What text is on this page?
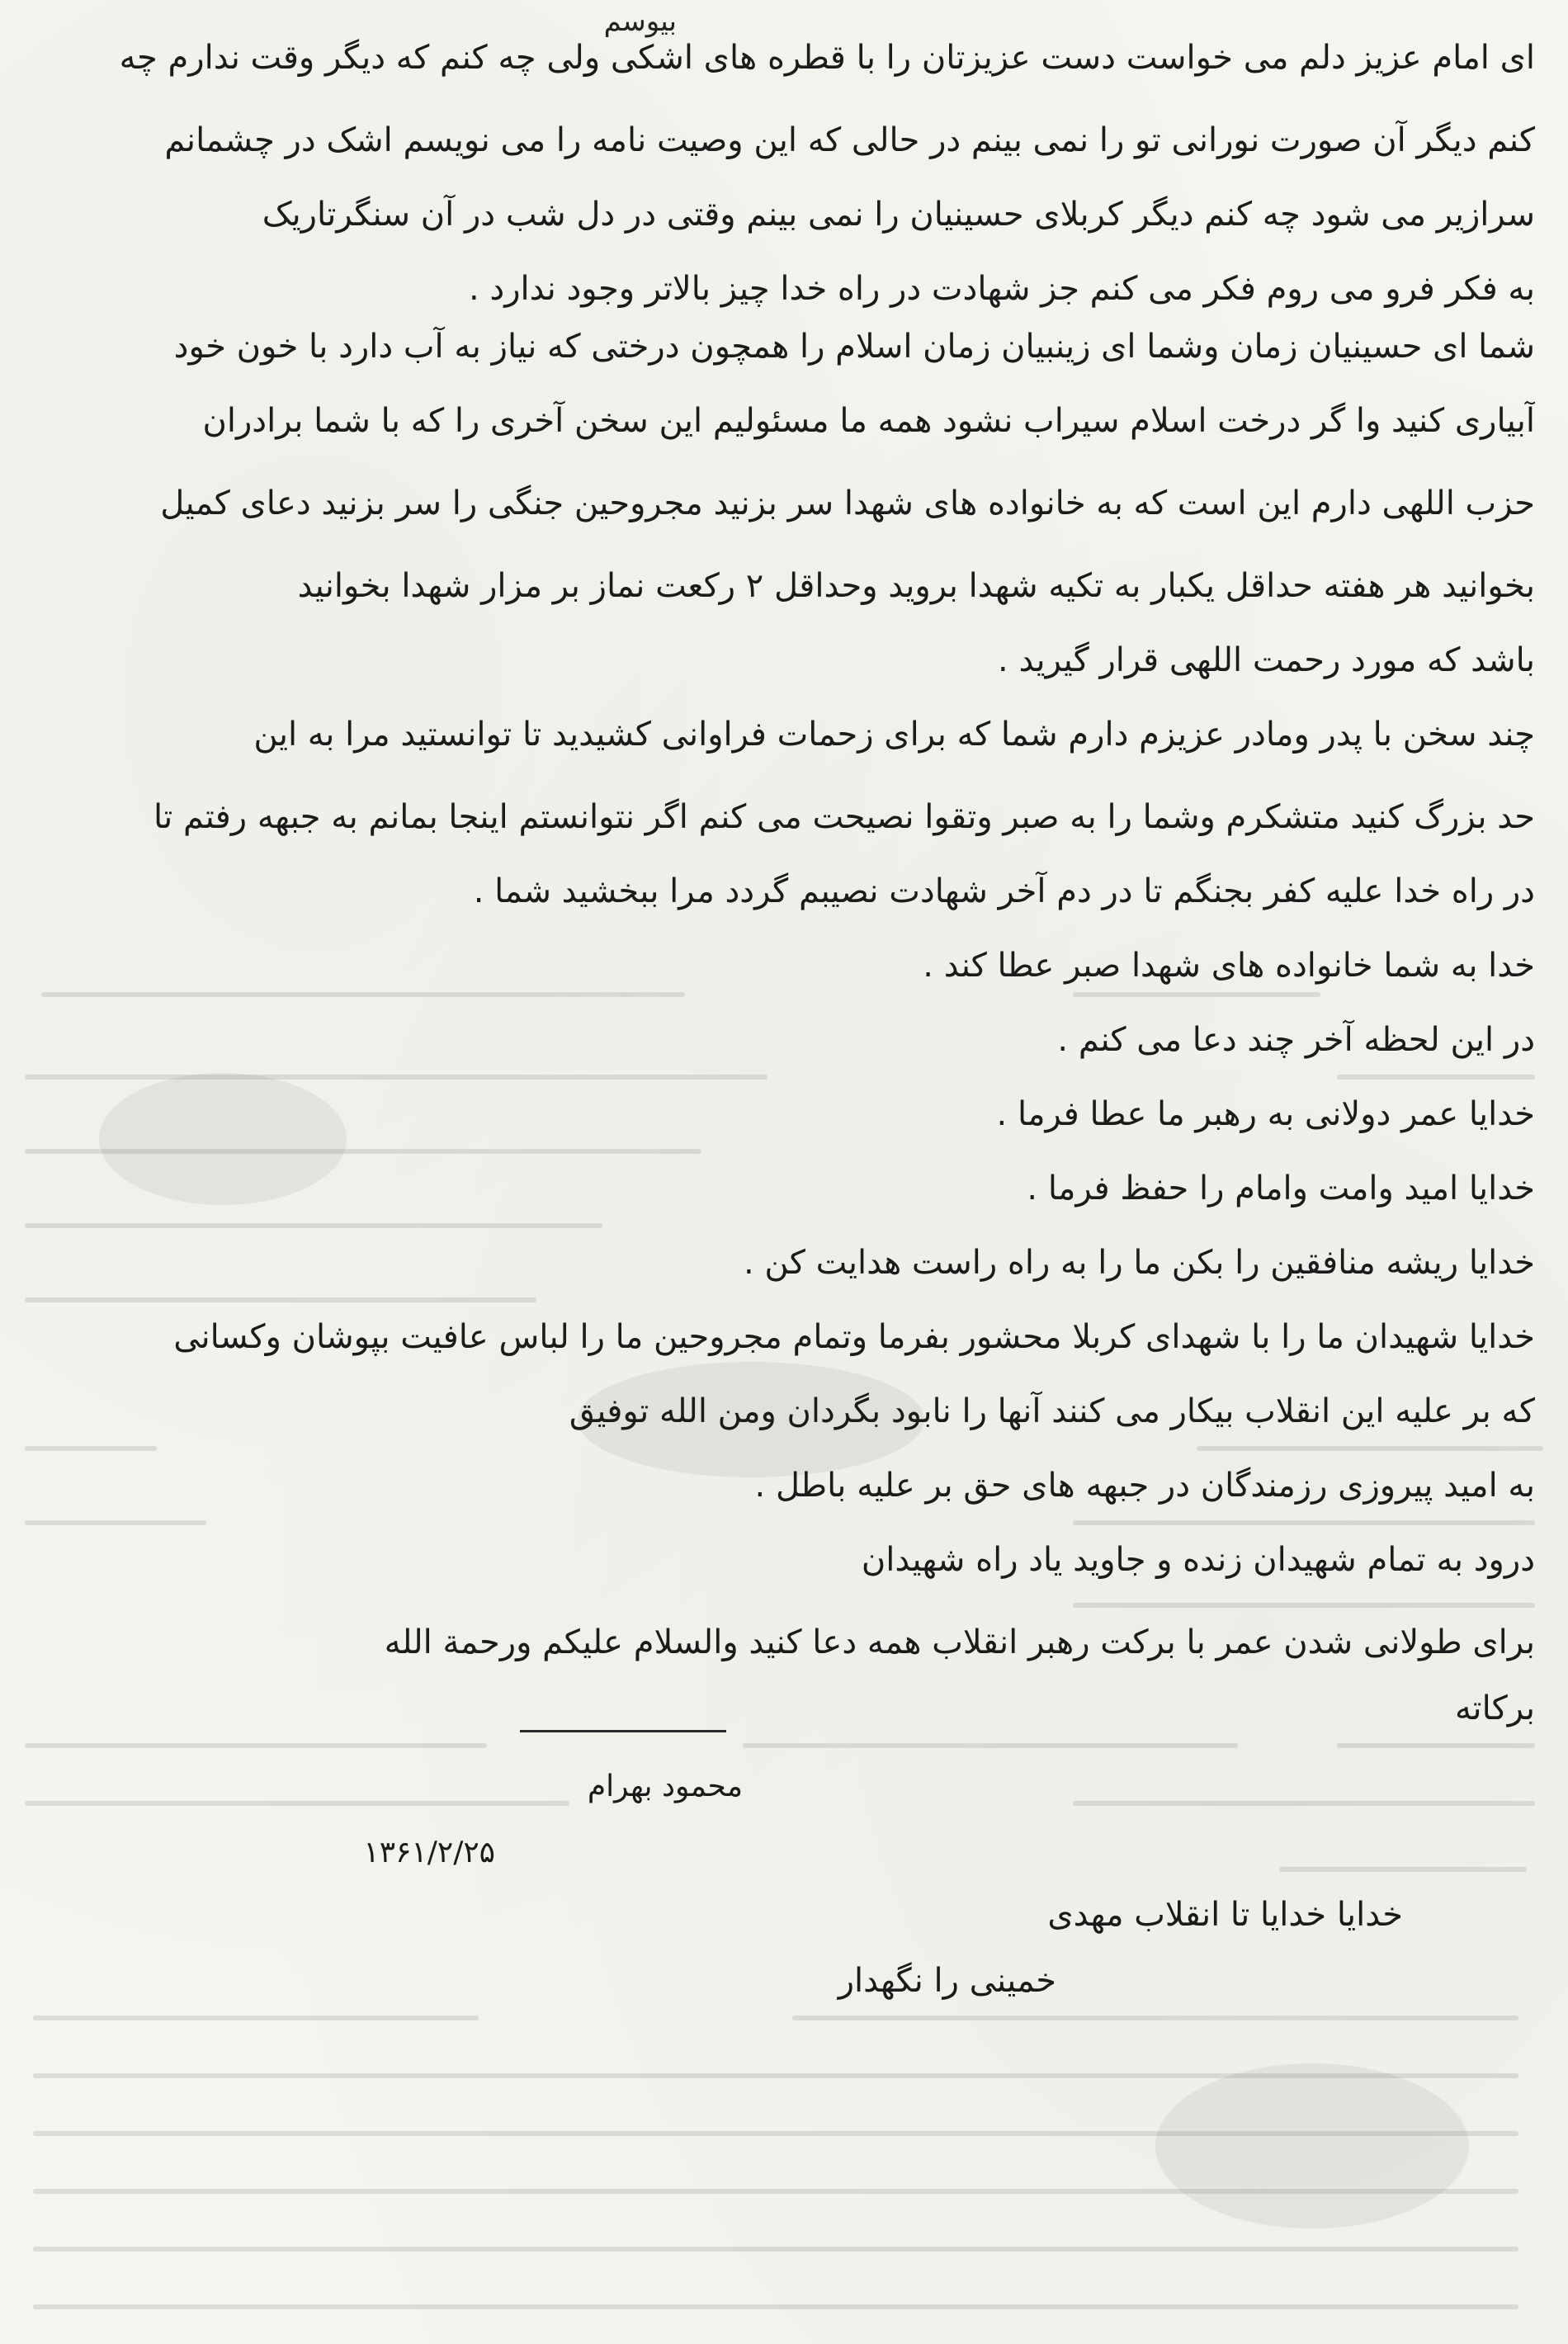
بیوسم
ای امام عزیز دلم می خواست دست عزیزتان را با قطره های اشکی ولی چه کنم که دیگر وقت ندارم چه
کنم دیگر آن صورت نورانی تو را نمی بینم در حالی که این وصیت نامه را می نویسم اشک در چشمانم
سرازیر می شود چه کنم دیگر کربلای حسینیان را نمی بینم وقتی در دل شب در آن سنگرتاریک
به فکر فرو می روم فکر می کنم جز شهادت در راه خدا چیز بالاتر وجود ندارد .
شما ای حسینیان زمان وشما ای زینبیان زمان اسلام را همچون درختی که نیاز به آب دارد با خون خود
آبیاری کنید وا گر درخت اسلام سیراب نشود همه ما مسئولیم این سخن آخری را که با شما برادران
حزب اللهی دارم این است که به خانواده های شهدا سر بزنید مجروحین جنگی را سر بزنید دعای کمیل
بخوانید هر هفته حداقل یکبار به تکیه شهدا بروید وحداقل ۲ رکعت نماز بر مزار شهدا بخوانید
باشد که مورد رحمت اللهی قرار گیرید .
چند سخن با پدر ومادر عزیزم دارم شما که برای زحمات فراوانی کشیدید تا توانستید مرا به این
حد بزرگ کنید متشکرم وشما را به صبر وتقوا نصیحت می کنم اگر نتوانستم اینجا بمانم به جبهه رفتم تا
در راه خدا علیه کفر بجنگم تا در دم آخر شهادت نصیبم گردد مرا ببخشید شما .
خدا به شما خانواده های شهدا صبر عطا کند .
در این لحظه آخر چند دعا می کنم .
خدایا عمر دولانی به رهبر ما عطا فرما .
خدایا امید وامت وامام را حفظ فرما .
خدایا ریشه منافقین را بکن ما را به راه راست هدایت کن .
خدایا شهیدان ما را با شهدای کربلا محشور بفرما وتمام مجروحین ما را لباس عافیت بپوشان وکسانی
که بر علیه این انقلاب بیکار می کنند آنها را نابود بگردان ومن الله توفیق
به امید پیروزی رزمندگان در جبهه های حق بر علیه باطل .
درود به تمام شهیدان زنده و جاوید یاد راه شهیدان
برای طولانی شدن عمر با برکت رهبر انقلاب همه دعا کنید والسلام علیکم ورحمة الله
برکاته
محمود بهرام
۱۳۶۱/۲/۲۵
خدایا خدایا تا انقلاب مهدی
خمینی را نگهدار
